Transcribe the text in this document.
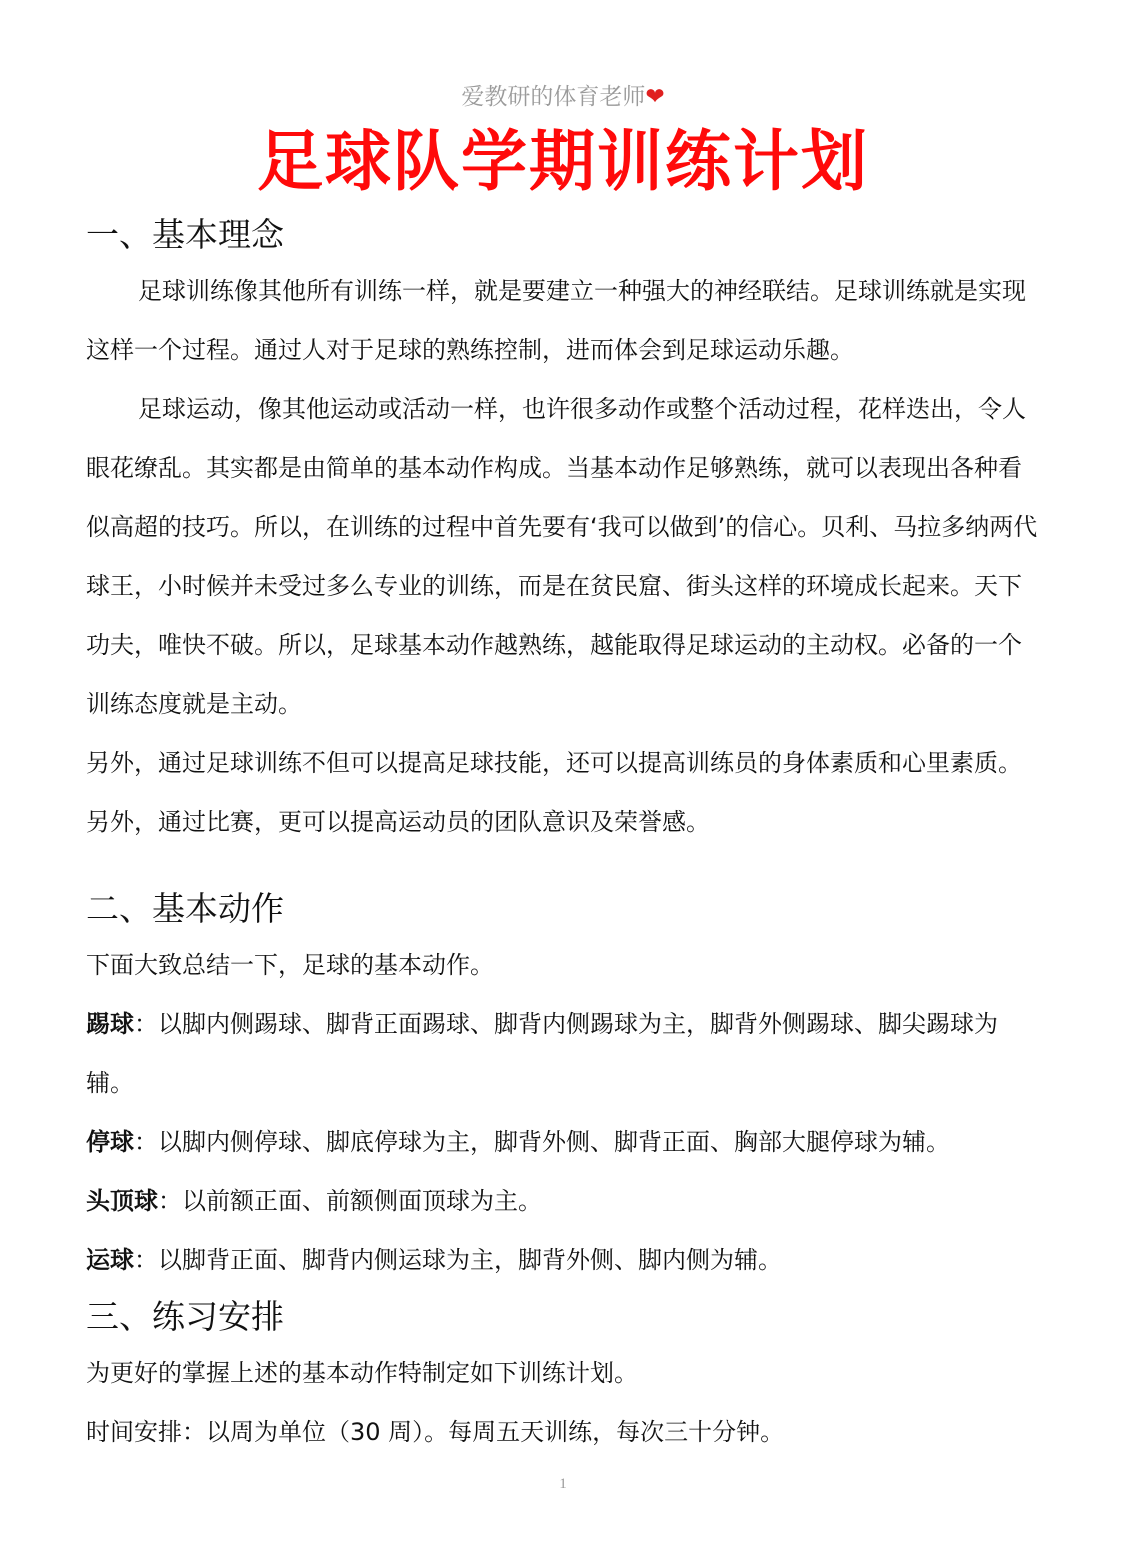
爱教研的体育老师❤
足球队学期训练计划
一、基本理念

足球训练像其他所有训练一样，就是要建立一种强大的神经联结。足球训练就是实现这样一个过程。通过人对于足球的熟练控制，进而体会到足球运动乐趣。

足球运动，像其他运动或活动一样，也许很多动作或整个活动过程，花样迭出，令人眼花缭乱。其实都是由简单的基本动作构成。当基本动作足够熟练，就可以表现出各种看似高超的技巧。所以，在训练的过程中首先要有‘我可以做到’的信心。贝利、马拉多纳两代球王，小时候并未受过多么专业的训练，而是在贫民窟、街头这样的环境成长起来。天下功夫，唯快不破。所以，足球基本动作越熟练，越能取得足球运动的主动权。必备的一个训练态度就是主动。

另外，通过足球训练不但可以提高足球技能，还可以提高训练员的身体素质和心里素质。另外，通过比赛，更可以提高运动员的团队意识及荣誉感。

二、基本动作

下面大致总结一下，足球的基本动作。

踢球：以脚内侧踢球、脚背正面踢球、脚背内侧踢球为主，脚背外侧踢球、脚尖踢球为辅。

停球：以脚内侧停球、脚底停球为主，脚背外侧、脚背正面、胸部大腿停球为辅。

头顶球：以前额正面、前额侧面顶球为主。

运球：以脚背正面、脚背内侧运球为主，脚背外侧、脚内侧为辅。

三、练习安排

为更好的掌握上述的基本动作特制定如下训练计划。

时间安排：以周为单位（30 周）。每周五天训练，每次三十分钟。

1
